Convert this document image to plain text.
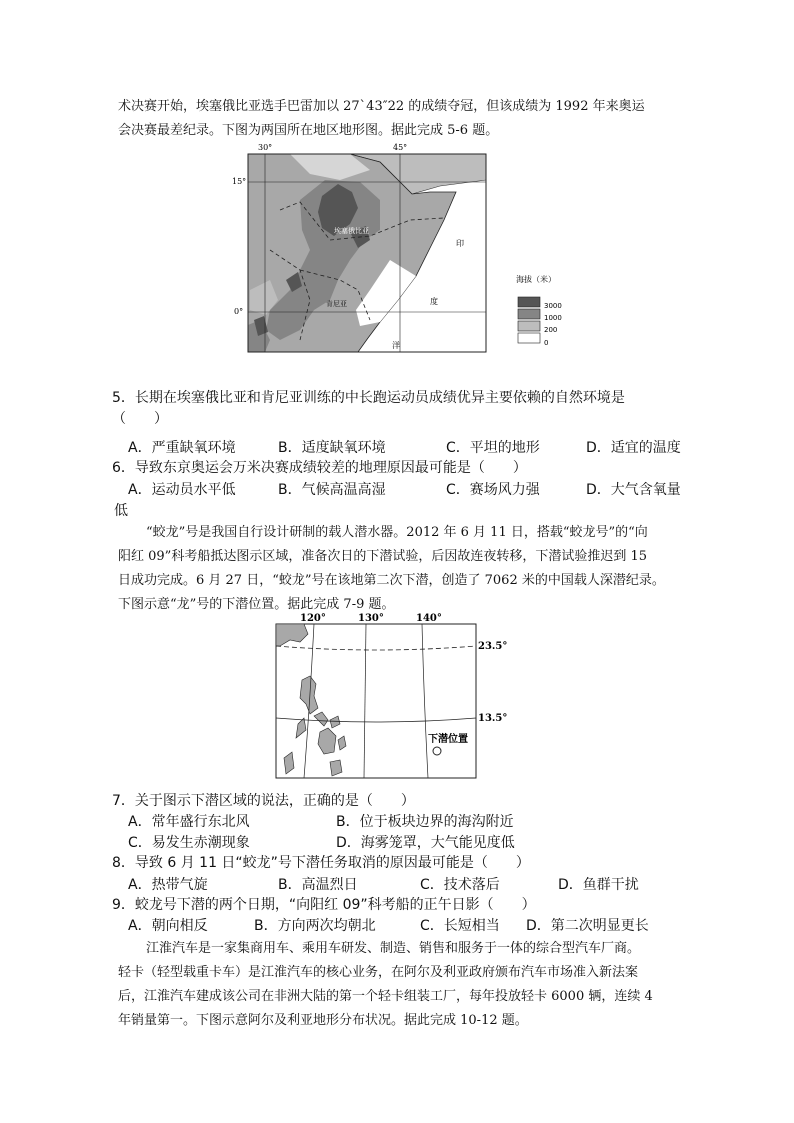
术决赛开始，埃塞俄比亚选手巴雷加以 27ˋ43″22 的成绩夺冠，但该成绩为 1992 年来奥运

会决赛最差纪录。下图为两国所在地区地形图。据此完成 5-6 题。

30°	45°
15°
0°
埃塞俄比亚
肯尼亚
印
度
洋
海拔（米）
3000
1000
200
0

5．长期在埃塞俄比亚和肯尼亚训练的中长跑运动员成绩优异主要依赖的自然环境是

（　　）

A．严重缺氧环境	B．适度缺氧环境	C．平坦的地形	D．适宜的温度

6．导致东京奥运会万米决赛成绩较差的地理原因最可能是（　　）

A．运动员水平低	B．气候高温高湿	C．赛场风力强	D．大气含氧量

低

“蛟龙”号是我国自行设计研制的载人潜水器。2012 年 6 月 11 日，搭载“蛟龙号”的“向

阳红 09”科考船抵达图示区域，准备次日的下潜试验，后因故连夜转移，下潜试验推迟到 15

日成功完成。6 月 27 日，“蛟龙”号在该地第二次下潜，创造了 7062 米的中国载人深潜纪录。

下图示意“龙”号的下潜位置。据此完成 7-9 题。

120°	130°	140°
23.5°
13.5°
下潜位置

7．关于图示下潜区域的说法，正确的是（　　）

A．常年盛行东北风	B．位于板块边界的海沟附近
C．易发生赤潮现象	D．海雾笼罩，大气能见度低

8．导致 6 月 11 日“蛟龙”号下潜任务取消的原因最可能是（　　）

A．热带气旋	B．高温烈日	C．技术落后	D．鱼群干扰

9．蛟龙号下潜的两个日期，“向阳红 09”科考船的正午日影（　　）

A．朝向相反	B．方向两次均朝北	C．长短相当 D．第二次明显更长

江淮汽车是一家集商用车、乘用车研发、制造、销售和服务于一体的综合型汽车厂商。

轻卡（轻型载重卡车）是江淮汽车的核心业务，在阿尔及利亚政府颁布汽车市场准入新法案

后，江淮汽车建成该公司在非洲大陆的第一个轻卡组装工厂，每年投放轻卡 6000 辆，连续 4

年销量第一。下图示意阿尔及利亚地形分布状况。据此完成 10-12 题。
